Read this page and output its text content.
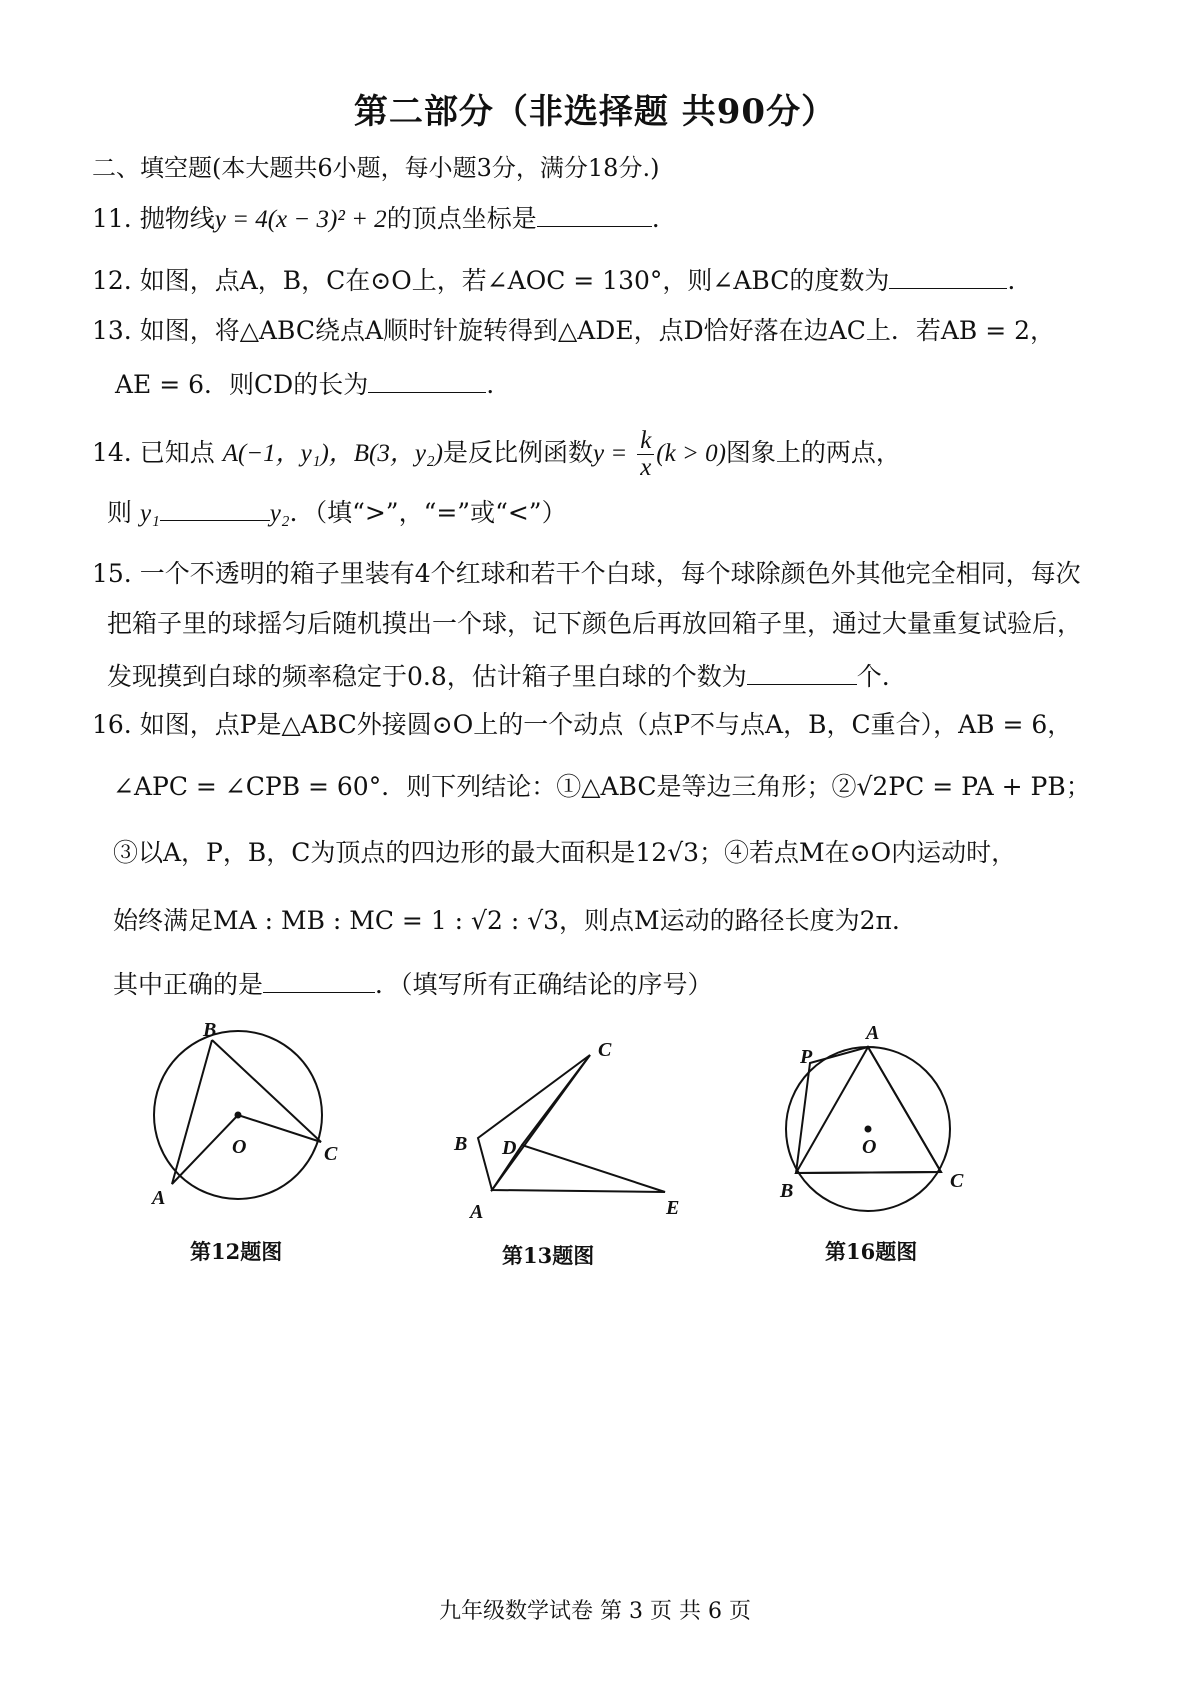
第二部分（非选择题 共90分）
二、填空题(本大题共6小题，每小题3分，满分18分.)
11. 抛物线y = 4(x − 3)² + 2的顶点坐标是	.
12. 如图，点A，B，C在⊙O上，若∠AOC = 130°，则∠ABC的度数为	.
13. 如图，将△ABC绕点A顺时针旋转得到△ADE，点D恰好落在边AC上．若AB = 2，
AE = 6．则CD的长为	.
14. 已知点 A(−1，y₁)，B(3，y₂)是反比例函数$y = \frac{k}{x} (k > 0)$图象上的两点，
则 y₁	y₂．（填“>”，“=”或“<”）
15. 一个不透明的箱子里装有4个红球和若干个白球，每个球除颜色外其他完全相同，每次
把箱子里的球摇匀后随机摸出一个球，记下颜色后再放回箱子里，通过大量重复试验后，
发现摸到白球的频率稳定于0.8，估计箱子里白球的个数为	个.
16. 如图，点P是△ABC外接圆⊙O上的一个动点（点P不与点A，B，C重合），AB = 6，
∠APC = ∠CPB = 60°．则下列结论：①△ABC是等边三角形；②√2PC = PA + PB；
③以A，P，B，C为顶点的四边形的最大面积是12√3；④若点M在⊙O内运动时，
始终满足MA : MB : MC = 1 : √2 : √3，则点M运动的路径长度为2π．
其中正确的是	．（填写所有正确结论的序号）
B
A
C
O
第12题图
C
B D
A	E
第13题图
A
P
B	C
O
第16题图
九年级数学试卷 第 3 页 共 6 页
